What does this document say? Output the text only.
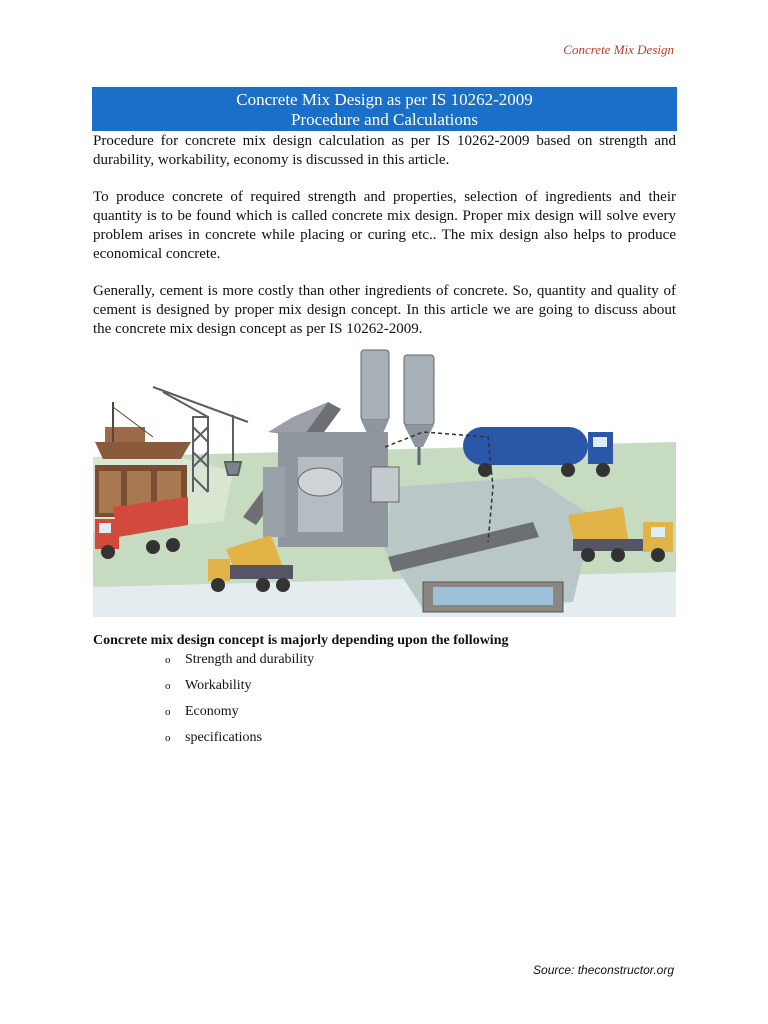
Concrete Mix Design
Concrete Mix Design as per IS 10262-2009
Procedure and Calculations

Procedure for concrete mix design calculation as per IS 10262-2009 based on strength and durability, workability, economy is discussed in this article.

To produce concrete of required strength and properties, selection of ingredients and their quantity is to be found which is called concrete mix design. Proper mix design will solve every problem arises in concrete while placing or curing etc.. The mix design also helps to produce economical concrete.

Generally, cement is more costly than other ingredients of concrete. So, quantity and quality of cement is designed by proper mix design concept. In this article we are going to discuss about the concrete mix design concept as per IS 10262-2009.

Concrete mix design concept is majorly depending upon the following
o	Strength and durability
o	Workability
o	Economy
o	specifications
Source: theconstructor.org
